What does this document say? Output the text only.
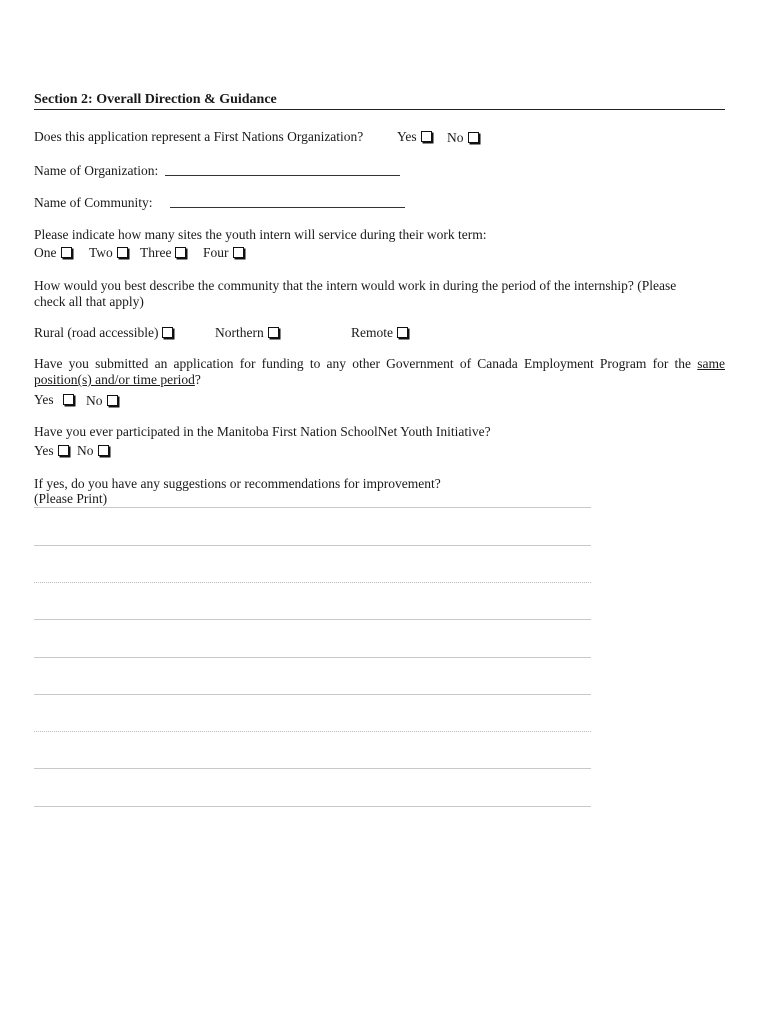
Section 2: Overall Direction & Guidance
Does this application represent a First Nations Organization? Yes	No
Name of Organization:
Name of Community:
Please indicate how many sites the youth intern will service during their work term:
One	Two	Three	Four
How would you best describe the community that the intern would work in during the period of the internship? (Please check all that apply)
Rural (road accessible)	Northern	Remote
Have you submitted an application for funding to any other Government of Canada Employment Program for the same position(s) and/or time period?
Yes	No
Have you ever participated in the Manitoba First Nation SchoolNet Youth Initiative?
Yes	No
If yes, do you have any suggestions or recommendations for improvement?
(Please Print)
